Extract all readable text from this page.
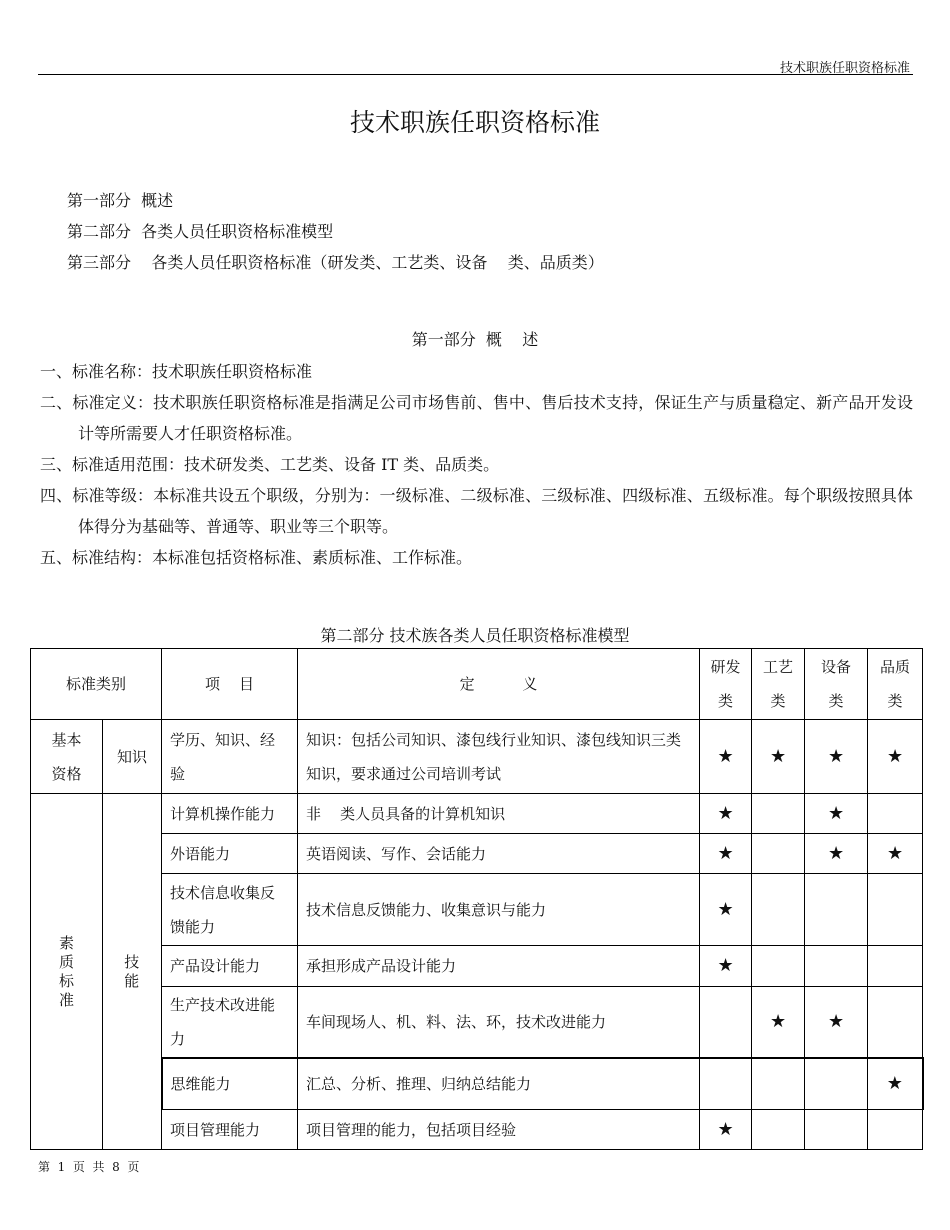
技术职族任职资格标准
技术职族任职资格标准
第一部分  概述
第二部分  各类人员任职资格标准模型
第三部分    各类人员任职资格标准（研发类、工艺类、设备    类、品质类）
第一部分  概    述
一、标准名称：技术职族任职资格标准
二、标准定义：技术职族任职资格标准是指满足公司市场售前、售中、售后技术支持，保证生产与质量稳定、新产品开发设计等所需要人才任职资格标准。
三、标准适用范围：技术研发类、工艺类、设备 IT 类、品质类。
四、标准等级：本标准共设五个职级，分别为：一级标准、二级标准、三级标准、四级标准、五级标准。每个职级按照具体体得分为基础等、普通等、职业等三个职等。
五、标准结构：本标准包括资格标准、素质标准、工作标准。
第二部分 技术族各类人员任职资格标准模型
标准类别		项    目	定          义	研发类	工艺类	设备类	品质类

基本资格	知识	学历、知识、经验	知识：包括公司知识、漆包线行业知识、漆包线知识三类知识，要求通过公司培训考试	★	★	★	★

素质标准	技能	计算机操作能力	非    类人员具备的计算机知识	★		★	
		外语能力	英语阅读、写作、会话能力	★		★	★
		技术信息收集反馈能力	技术信息反馈能力、收集意识与能力	★			
		产品设计能力	承担形成产品设计能力	★			
		生产技术改进能力	车间现场人、机、料、法、环，技术改进能力		★	★	
		思维能力	汇总、分析、推理、归纳总结能力				★
		项目管理能力	项目管理的能力，包括项目经验	★			
第  1  页  共  8  页
